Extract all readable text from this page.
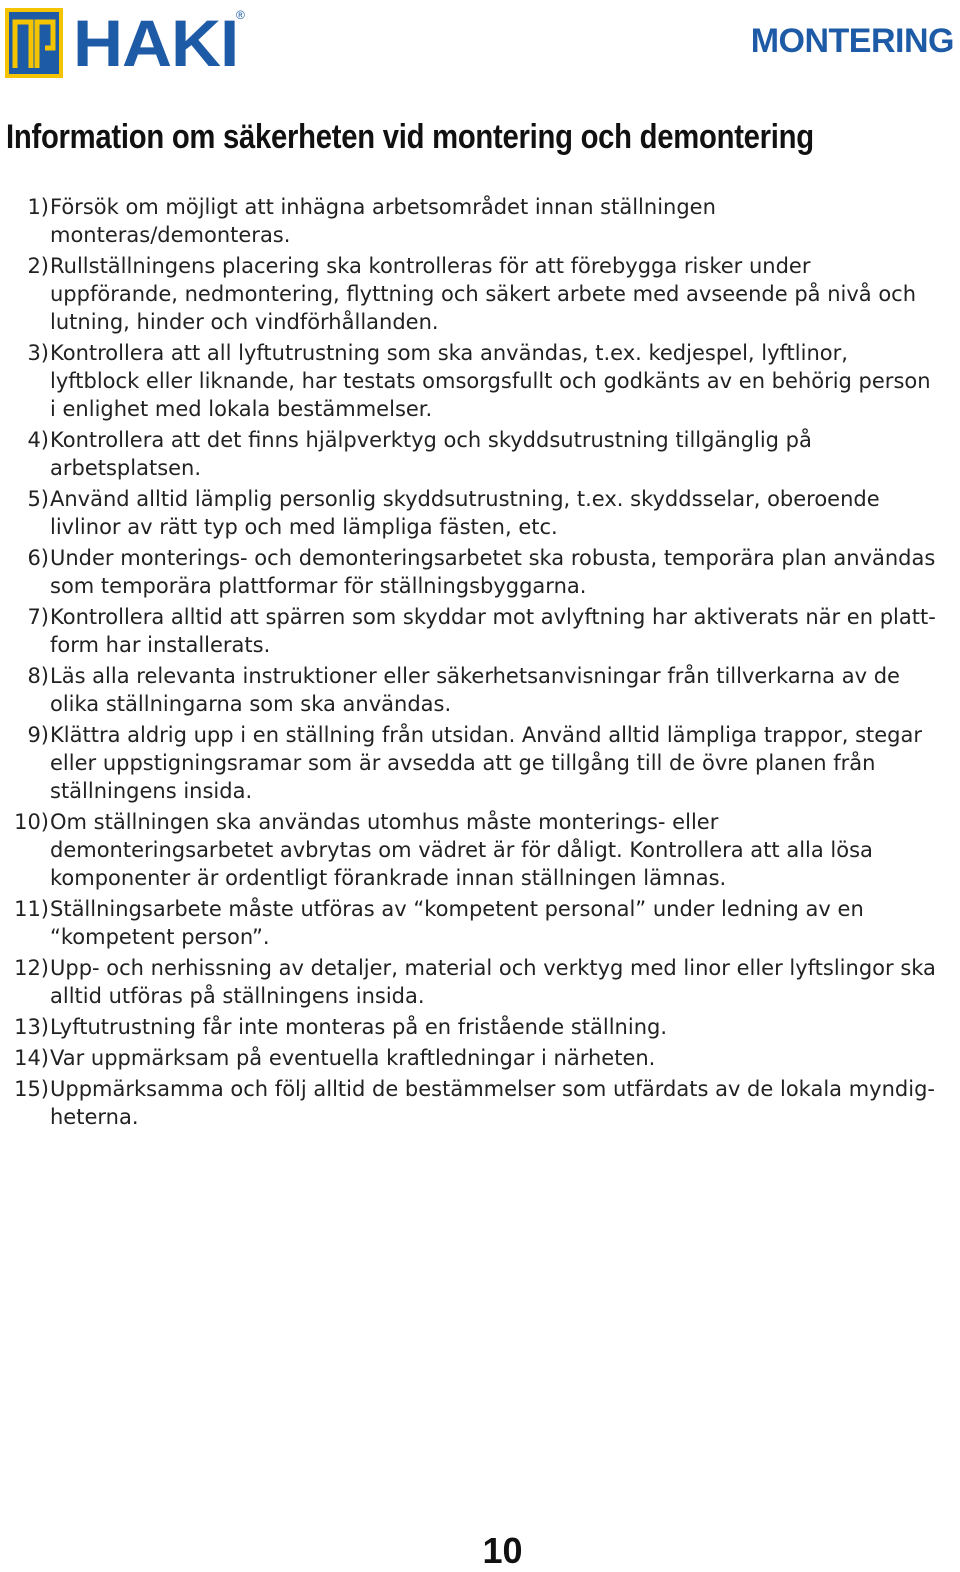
HAKI
®
MONTERING
Information om säkerheten vid montering och demontering
1) Försök om möjligt att inhägna arbetsområdet innan ställningen monteras/demonteras.

2) Rullställningens placering ska kontrolleras för att förebygga risker under uppförande, nedmontering, flyttning och säkert arbete med avseende på nivå och lutning, hinder och vindförhållanden.

3) Kontrollera att all lyftutrustning som ska användas, t.ex. kedjespel, lyftlinor, lyftblock eller liknande, har testats omsorgsfullt och godkänts av en behörig person i enlighet med lokala bestämmelser.

4) Kontrollera att det finns hjälpverktyg och skyddsutrustning tillgänglig på arbetsplatsen.

5) Använd alltid lämplig personlig skyddsutrustning, t.ex. skyddsselar, oberoende livlinor av rätt typ och med lämpliga fästen, etc.

6) Under monterings- och demonteringsarbetet ska robusta, temporära plan användas som temporära plattformar för ställningsbyggarna.

7) Kontrollera alltid att spärren som skyddar mot avlyftning har aktiverats när en platt-form har installerats.

8) Läs alla relevanta instruktioner eller säkerhetsanvisningar från tillverkarna av de olika ställningarna som ska användas.

9) Klättra aldrig upp i en ställning från utsidan. Använd alltid lämpliga trappor, stegar eller uppstigningsramar som är avsedda att ge tillgång till de övre planen från ställningens insida.

10) Om ställningen ska användas utomhus måste monterings- eller demonteringsarbetet avbrytas om vädret är för dåligt. Kontrollera att alla lösa komponenter är ordentligt förankrade innan ställningen lämnas.

11) Ställningsarbete måste utföras av “kompetent personal” under ledning av en “kompetent person”.

12) Upp- och nerhissning av detaljer, material och verktyg med linor eller lyftslingor ska alltid utföras på ställningens insida.

13) Lyftutrustning får inte monteras på en fristående ställning.

14) Var uppmärksam på eventuella kraftledningar i närheten.

15) Uppmärksamma och följ alltid de bestämmelser som utfärdats av de lokala myndig-heterna.

10
